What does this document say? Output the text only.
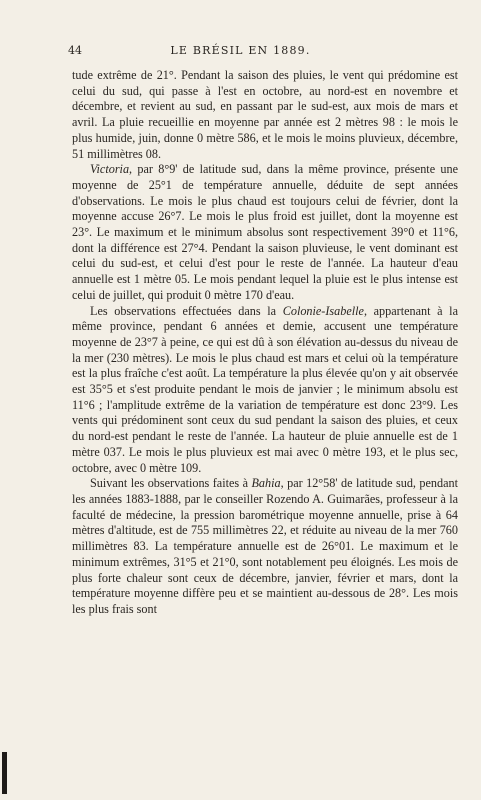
44	LE BRÉSIL EN 1889.

tude extrême de 21°. Pendant la saison des pluies, le vent qui prédomine est celui du sud, qui passe à l'est en octobre, au nord-est en novembre et décembre, et revient au sud, en passant par le sud-est, aux mois de mars et avril. La pluie recueillie en moyenne par année est 2 mètres 98 : le mois le plus humide, juin, donne 0 mètre 586, et le mois le moins pluvieux, décembre, 51 millimètres 08.

Victoria, par 8°9' de latitude sud, dans la même province, présente une moyenne de 25°1 de température annuelle, déduite de sept années d'observations. Le mois le plus chaud est toujours celui de février, dont la moyenne accuse 26°7. Le mois le plus froid est juillet, dont la moyenne est 23°. Le maximum et le minimum absolus sont respectivement 39°0 et 11°6, dont la différence est 27°4. Pendant la saison pluvieuse, le vent dominant est celui du sud-est, et celui d'est pour le reste de l'année. La hauteur d'eau annuelle est 1 mètre 05. Le mois pendant lequel la pluie est le plus intense est celui de juillet, qui produit 0 mètre 170 d'eau.

Les observations effectuées dans la Colonie-Isabelle, appartenant à la même province, pendant 6 années et demie, accusent une température moyenne de 23°7 à peine, ce qui est dû à son élévation au-dessus du niveau de la mer (230 mètres). Le mois le plus chaud est mars et celui où la température est la plus fraîche c'est août. La température la plus élevée qu'on y ait observée est 35°5 et s'est produite pendant le mois de janvier ; le minimum absolu est 11°6 ; l'amplitude extrême de la variation de température est donc 23°9. Les vents qui prédominent sont ceux du sud pendant la saison des pluies, et ceux du nord-est pendant le reste de l'année. La hauteur de pluie annuelle est de 1 mètre 037. Le mois le plus pluvieux est mai avec 0 mètre 193, et le plus sec, octobre, avec 0 mètre 109.

Suivant les observations faites à Bahia, par 12°58' de latitude sud, pendant les années 1883-1888, par le conseiller Rozendo A. Guimarães, professeur à la faculté de médecine, la pression barométrique moyenne annuelle, prise à 64 mètres d'altitude, est de 755 millimètres 22, et réduite au niveau de la mer 760 millimètres 83. La température annuelle est de 26°01. Le maximum et le minimum extrêmes, 31°5 et 21°0, sont notablement peu éloignés. Les mois de plus forte chaleur sont ceux de décembre, janvier, février et mars, dont la température moyenne diffère peu et se maintient au-dessous de 28°. Les mois les plus frais sont
